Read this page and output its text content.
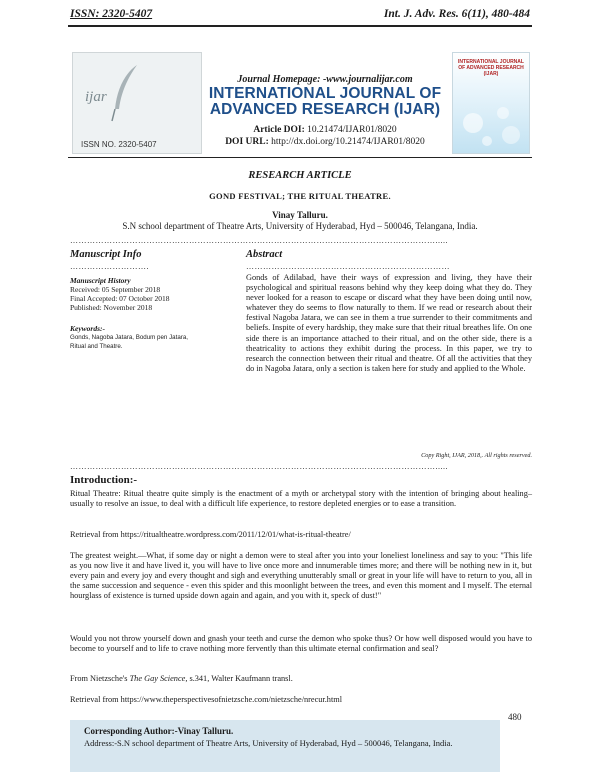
ISSN: 2320-5407	Int. J. Adv. Res. 6(11), 480-484
ijar
ISSN NO. 2320-5407
INTERNATIONAL JOURNAL OF ADVANCED RESEARCH (IJAR)
Journal Homepage: -www.journalijar.com
INTERNATIONAL JOURNAL OF
ADVANCED RESEARCH (IJAR)
Article DOI: 10.21474/IJAR01/8020
DOI URL: http://dx.doi.org/10.21474/IJAR01/8020
RESEARCH ARTICLE
GOND FESTIVAL; THE RITUAL THEATRE.
Vinay Talluru.
S.N school department of Theatre Arts, University of Hyderabad, Hyd – 500046, Telangana, India.
………………………………………………………………………………………………………………….....
Manuscript Info
……………………….
Manuscript History
Received: 05 September 2018
Final Accepted: 07 October 2018
Published: November 2018
Keywords:-
Gonds, Nagoba Jatara, Bodum pen Jatara, Ritual and Theatre.
Abstract
………………………………………………………………
Gonds of Adilabad, have their ways of expression and living, they have their psychological and spiritual reasons behind why they keep doing what they do. They never looked for a reason to escape or discard what they have been doing until now, whatever they do seems to flow naturally to them. If we read or research about their festival Nagoba Jatara, we can see in them a true surrender to their commitments and beliefs. Inspite of every hardship, they make sure that their ritual breathes life. On one side there is an importance attached to their ritual, and on the other side, there is a theatricality to actions they exhibit during the process. In this paper, we try to research the connection between their ritual and theatre. Of all the activities that they do in Nagoba Jatara, only a section is taken here for study and applied to the Whole.
Copy Right, IJAR, 2018,. All rights reserved.
………………………………………………………………………………………………………………….....
Introduction:-
Ritual Theatre: Ritual theatre quite simply is the enactment of a myth or archetypal story with the intention of bringing about healing– usually to resolve an issue, to deal with a difficult life experience, to restore depleted energies or to ease a transition.
Retrieval from https://ritualtheatre.wordpress.com/2011/12/01/what-is-ritual-theatre/
The greatest weight.—What, if some day or night a demon were to steal after you into your loneliest loneliness and say to you: "This life as you now live it and have lived it, you will have to live once more and innumerable times more; and there will be nothing new in it, but every pain and every joy and every thought and sigh and everything unutterably small or great in your life will have to return to you, all in the same succession and sequence - even this spider and this moonlight between the trees, and even this moment and I myself. The eternal hourglass of existence is turned upside down again and again, and you with it, speck of dust!"
Would you not throw yourself down and gnash your teeth and curse the demon who spoke thus? Or how well disposed would you have to become to yourself and to life to crave nothing more fervently than this ultimate eternal confirmation and seal?
From Nietzsche's The Gay Science, s.341, Walter Kaufmann transl.
Retrieval from https://www.theperspectivesofnietzsche.com/nietzsche/nrecur.html
480
Corresponding Author:-Vinay Talluru.
Address:-S.N school department of Theatre Arts, University of Hyderabad, Hyd – 500046, Telangana, India.
